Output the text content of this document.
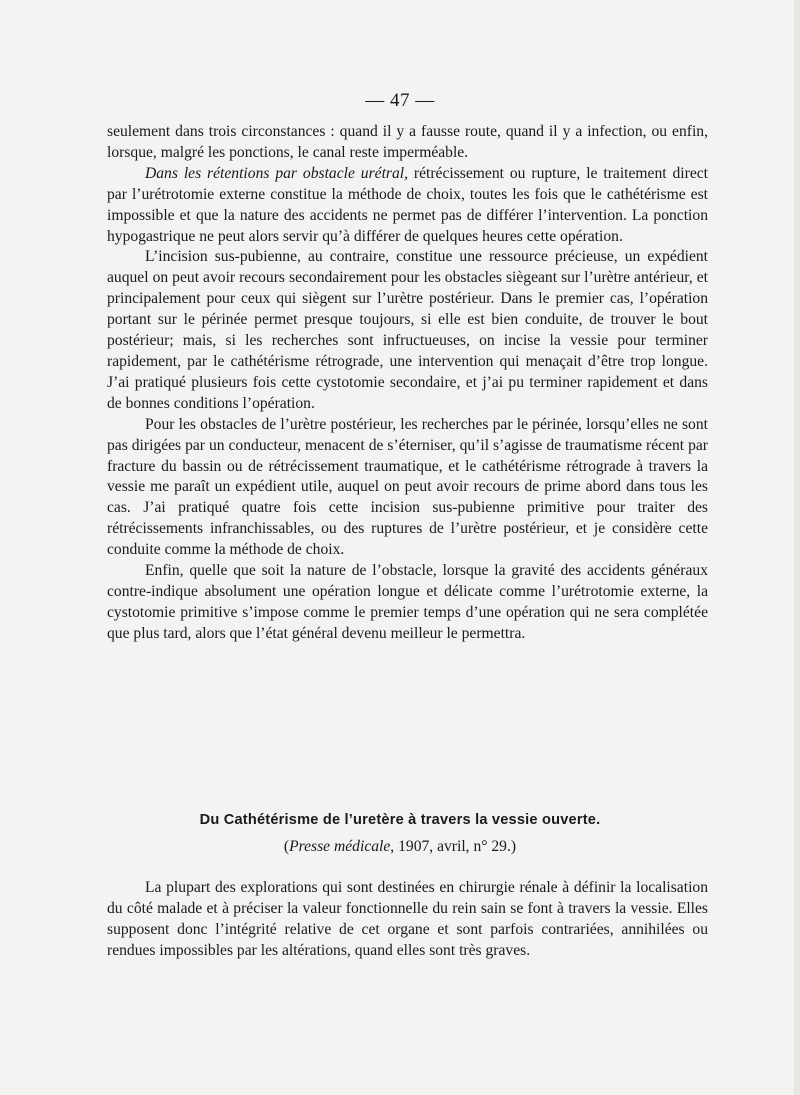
— 47 —

seulement dans trois circonstances : quand il y a fausse route, quand il y a infection, ou enfin, lorsque, malgré les ponctions, le canal reste imperméable.

Dans les rétentions par obstacle urétral, rétrécissement ou rupture, le traitement direct par l’urétrotomie externe constitue la méthode de choix, toutes les fois que le cathétérisme est impossible et que la nature des accidents ne permet pas de différer l’intervention. La ponction hypogastrique ne peut alors servir qu’à différer de quelques heures cette opération.

L’incision sus-pubienne, au contraire, constitue une ressource précieuse, un expédient auquel on peut avoir recours secondairement pour les obstacles siègeant sur l’urètre antérieur, et principalement pour ceux qui siègent sur l’urètre postérieur. Dans le premier cas, l’opération portant sur le périnée permet presque toujours, si elle est bien conduite, de trouver le bout postérieur; mais, si les recherches sont infructueuses, on incise la vessie pour terminer rapidement, par le cathétérisme rétrograde, une intervention qui menaçait d’être trop longue. J’ai pratiqué plusieurs fois cette cystotomie secondaire, et j’ai pu terminer rapidement et dans de bonnes conditions l’opération.

Pour les obstacles de l’urètre postérieur, les recherches par le périnée, lorsqu’elles ne sont pas dirigées par un conducteur, menacent de s’éterniser, qu’il s’agisse de traumatisme récent par fracture du bassin ou de rétrécissement traumatique, et le cathétérisme rétrograde à travers la vessie me paraît un expédient utile, auquel on peut avoir recours de prime abord dans tous les cas. J’ai pratiqué quatre fois cette incision sus-pubienne primitive pour traiter des rétrécissements infranchissables, ou des ruptures de l’urètre postérieur, et je considère cette conduite comme la méthode de choix.

Enfin, quelle que soit la nature de l’obstacle, lorsque la gravité des accidents généraux contre-indique absolument une opération longue et délicate comme l’urétrotomie externe, la cystotomie primitive s’impose comme le premier temps d’une opération qui ne sera complétée que plus tard, alors que l’état général devenu meilleur le permettra.

Du Cathétérisme de l’uretère à travers la vessie ouverte.
(Presse médicale, 1907, avril, n° 29.)

La plupart des explorations qui sont destinées en chirurgie rénale à définir la localisation du côté malade et à préciser la valeur fonctionnelle du rein sain se font à travers la vessie. Elles supposent donc l’intégrité relative de cet organe et sont parfois contrariées, annihilées ou rendues impossibles par les altérations, quand elles sont très graves.
